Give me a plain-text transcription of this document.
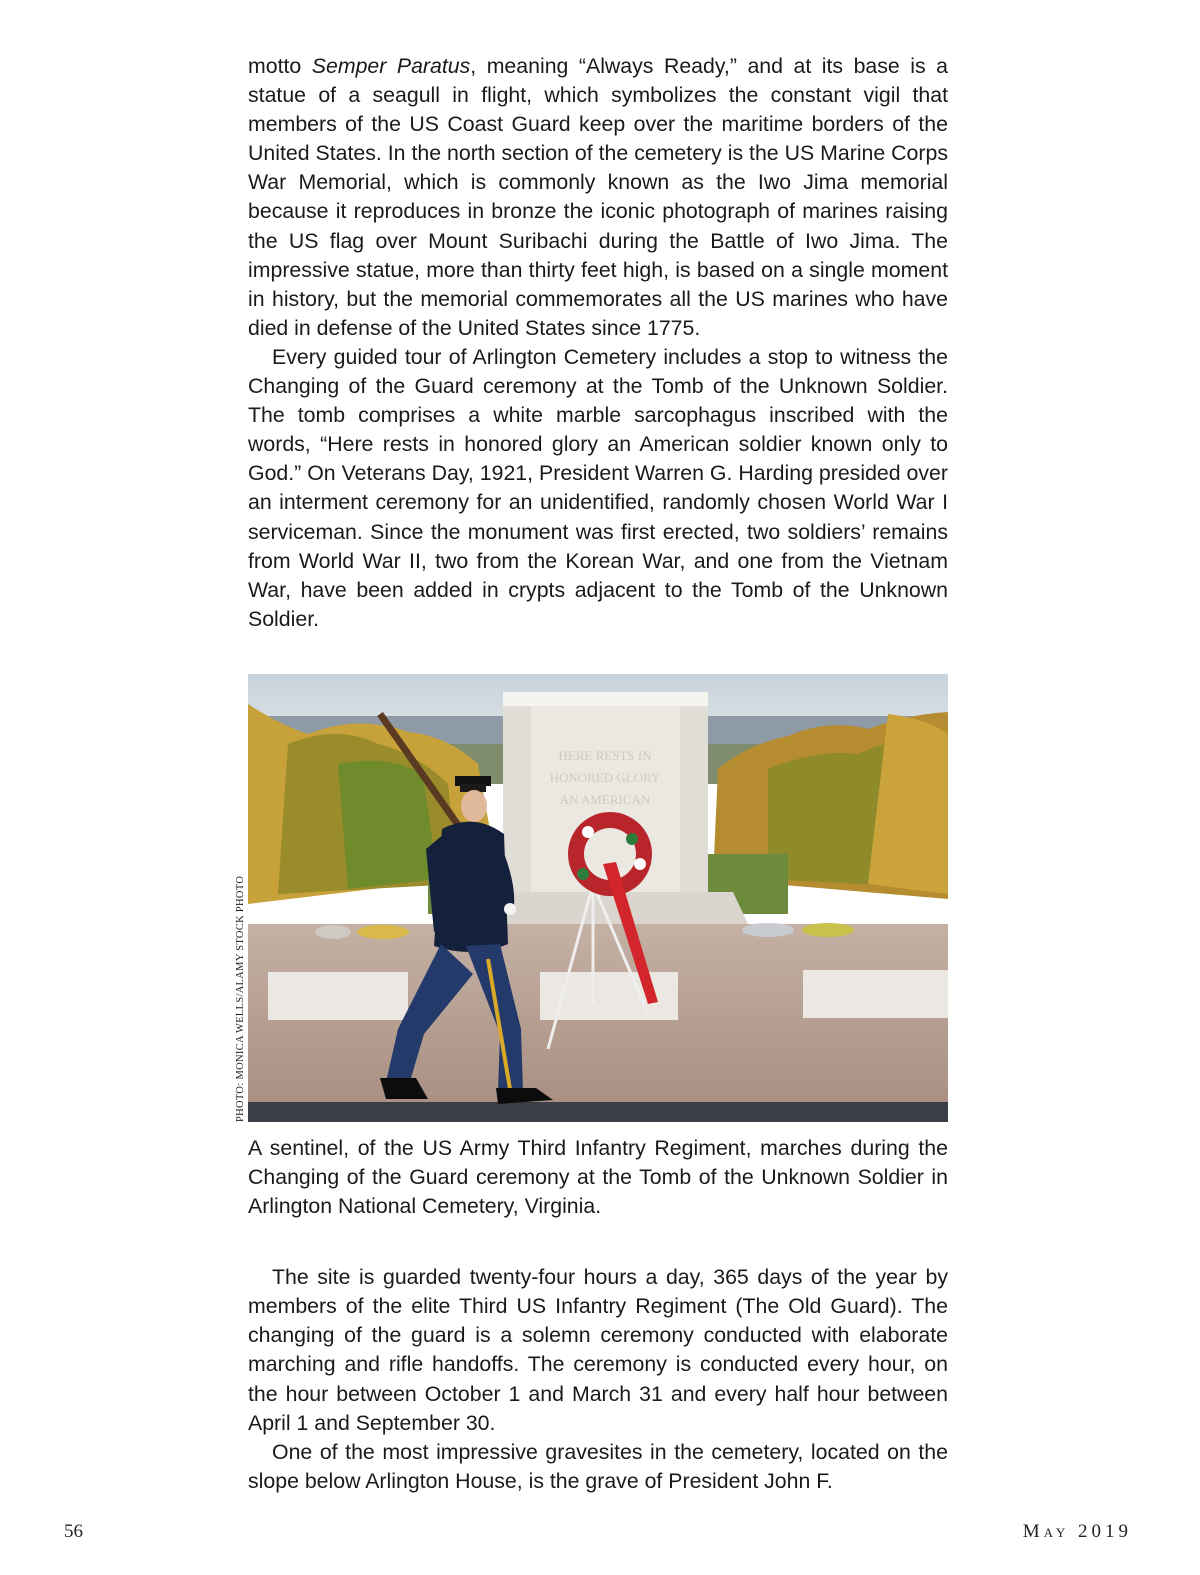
motto Semper Paratus, meaning “Always Ready,” and at its base is a statue of a seagull in flight, which symbolizes the constant vigil that members of the US Coast Guard keep over the maritime borders of the United States. In the north section of the cemetery is the US Marine Corps War Memorial, which is commonly known as the Iwo Jima memorial because it reproduces in bronze the iconic photograph of marines raising the US flag over Mount Suribachi during the Battle of Iwo Jima. The impressive statue, more than thirty feet high, is based on a single moment in history, but the memorial commemorates all the US marines who have died in defense of the United States since 1775.

Every guided tour of Arlington Cemetery includes a stop to witness the Changing of the Guard ceremony at the Tomb of the Unknown Soldier. The tomb comprises a white marble sarcophagus inscribed with the words, “Here rests in honored glory an American soldier known only to God.” On Veterans Day, 1921, President Warren G. Harding presided over an interment ceremony for an unidentified, randomly chosen World War I serviceman. Since the monument was first erected, two soldiers’ remains from World War II, two from the Korean War, and one from the Vietnam War, have been added in crypts adjacent to the Tomb of the Unknown Soldier.

PHOTO: MONICA WELLS/ALAMY STOCK PHOTO
HERE RESTS IN
HONORED GLORY
AN AMERICAN

A sentinel, of the US Army Third Infantry Regiment, marches during the Changing of the Guard ceremony at the Tomb of the Unknown Soldier in Arlington National Cemetery, Virginia.

The site is guarded twenty-four hours a day, 365 days of the year by members of the elite Third US Infantry Regiment (The Old Guard). The changing of the guard is a solemn ceremony conducted with elaborate marching and rifle handoffs. The ceremony is conducted every hour, on the hour between October 1 and March 31 and every half hour between April 1 and September 30.

One of the most impressive gravesites in the cemetery, located on the slope below Arlington House, is the grave of President John F.

56	May 2019
